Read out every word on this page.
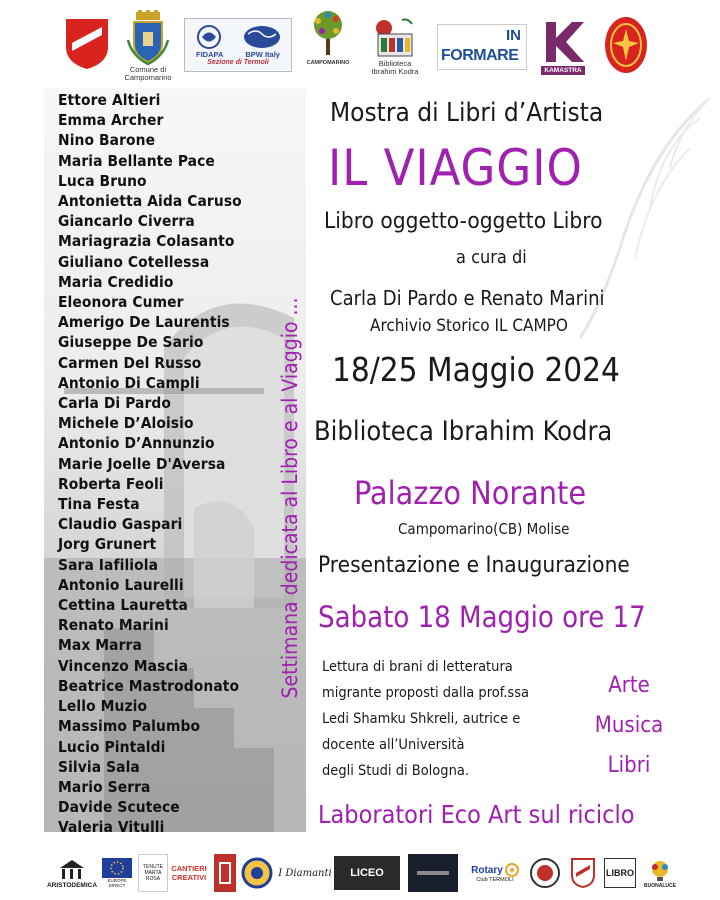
Comune di
Campomarino
FIDAPA	BPW Italy
Sezione di Termoli	CAMPOMARINO	Biblioteca
Ibrahim Kodra
IN
FORMARE
KAMASTRA
Ettore Altieri
Emma Archer
Nino Barone
Maria Bellante Pace
Luca Bruno
Antonietta Aida Caruso
Giancarlo Civerra
Mariagrazia Colasanto
Giuliano Cotellessa
Maria Credidio
Eleonora Cumer
Amerigo De Laurentis
Giuseppe De Sario
Carmen Del Russo
Antonio Di Campli
Carla Di Pardo
Michele D’Aloisio
Antonio D’Annunzio
Marie Joelle D'Aversa
Roberta Feoli
Tina Festa
Claudio Gaspari
Jorg Grunert
Sara Iafiliola
Antonio Laurelli
Cettina Lauretta
Renato Marini
Max Marra
Vincenzo Mascia
Beatrice Mastrodonato
Lello Muzio
Massimo Palumbo
Lucio Pintaldi
Silvia Sala
Mario Serra
Davide Scutece
Valeria Vitulli
Settimana dedicata al Libro e al Viaggio ...
Mostra di Libri d’Artista
IL VIAGGIO
Libro oggetto-oggetto Libro
a cura di
Carla Di Pardo e Renato Marini
Archivio Storico IL CAMPO
18/25 Maggio 2024
Biblioteca Ibrahim Kodra
Palazzo Norante
Campomarino(CB) Molise
Presentazione e Inaugurazione
Sabato 18 Maggio ore 17
Lettura di brani di letteratura
migrante proposti dalla prof.ssa
Ledi Shamku Shkreli, autrice e
docente all’Università
degli Studi di Bologna.
Arte
Musica
Libri
Laboratori Eco Art sul riciclo
ARISTODEMICA
EUROPE DIRECT
TENUTE
MARTA
ROSA
CANTIERI
CREATIVI	I Diamanti	LICEO	Rotary
Club TERMOLI
LIBRO
BUONALUCE
